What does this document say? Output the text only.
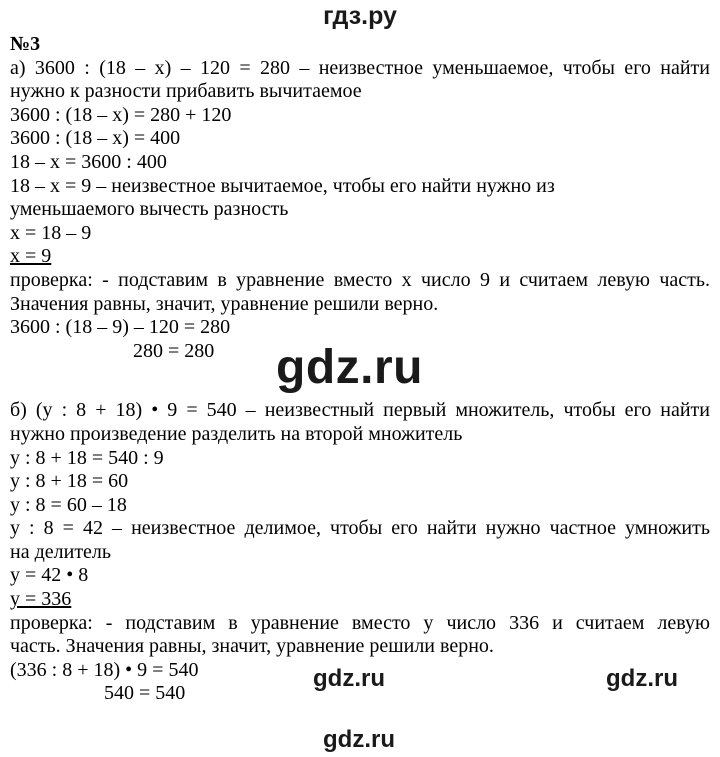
гдз.ру
gdz.ru
gdz.ru	gdz.ru
gdz.ru
№3
а) 3600 : (18 – х) – 120 = 280 – неизвестное уменьшаемое, чтобы его найти
нужно к разности прибавить вычитаемое
3600 : (18 – х) = 280 + 120
3600 : (18 – х) = 400
18 – х = 3600 : 400
18 – х = 9 – неизвестное вычитаемое, чтобы его найти нужно из
уменьшаемого вычесть разность
х = 18 – 9
х = 9
проверка: - подставим в уравнение вместо х число 9 и считаем левую часть.
Значения равны, значит, уравнение решили верно.
3600 : (18 – 9) – 120 = 280
280 = 280
б) (у : 8 + 18) • 9 = 540 – неизвестный первый множитель, чтобы его найти
нужно произведение разделить на второй множитель
у : 8 + 18 = 540 : 9
у : 8 + 18 = 60
у : 8 = 60 – 18
у : 8 = 42 – неизвестное делимое, чтобы его найти нужно частное умножить
на делитель
у = 42 • 8
у = 336
проверка: - подставим в уравнение вместо у число 336 и считаем левую
часть. Значения равны, значит, уравнение решили верно.
(336 : 8 + 18) • 9 = 540
540 = 540
